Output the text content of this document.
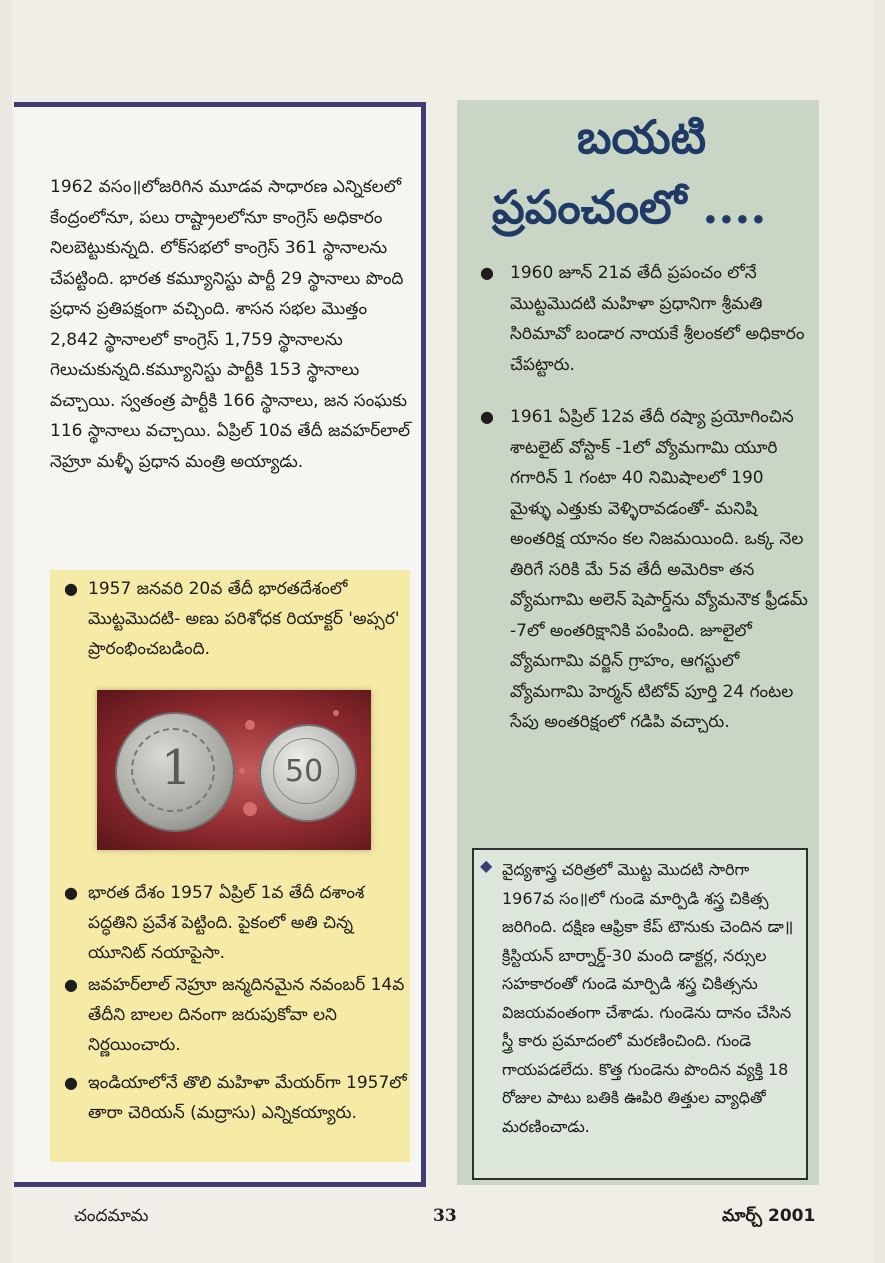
1962 వసం॥లోజరిగిన మూడవ సాధారణ ఎన్నికలలో కేంద్రంలోనూ, పలు రాష్ట్రాలలోనూ కాంగ్రెస్ అధికారం నిలబెట్టుకున్నది. లోక్‌సభలో కాంగ్రెస్ 361 స్థానాలను చేపట్టింది. భారత కమ్యూనిస్టు పార్టీ 29 స్థానాలు పొంది ప్రధాన ప్రతిపక్షంగా వచ్చింది. శాసన సభల మొత్తం 2,842 స్థానాలలో కాంగ్రెస్ 1,759 స్థానాలను గెలుచుకున్నది.కమ్యూనిస్టు పార్టీకి 153 స్థానాలు వచ్చాయి. స్వతంత్ర పార్టీకి 166 స్థానాలు, జన సంఘకు 116 స్థానాలు వచ్చాయి. ఏప్రిల్ 10వ తేదీ జవహర్‌లాల్ నెహ్రూ మళ్ళీ ప్రధాన మంత్రి అయ్యాడు.

● 1957 జనవరి 20వ తేదీ భారతదేశంలో మొట్టమొదటి- అణు పరిశోధక రియాక్టర్ 'అప్సర' ప్రారంభించబడింది.

1	50

● భారత దేశం 1957 ఏప్రిల్ 1వ తేదీ దశాంశ పద్ధతిని ప్రవేశ పెట్టింది. పైకంలో అతి చిన్న యూనిట్ నయాపైసా.

● జవహర్‌లాల్ నెహ్రూ జన్మదినమైన నవంబర్ 14వ తేదీని బాలల దినంగా జరుపుకోవా లని నిర్ణయించారు.

● ఇండియాలోనే తొలి మహిళా మేయర్‌గా 1957లో తారా చెరియన్ (మద్రాసు) ఎన్నికయ్యారు.

బయటి
ప్రపంచంలో ....

● 1960 జూన్ 21వ తేదీ ప్రపంచం లోనే మొట్టమొదటి మహిళా ప్రధానిగా శ్రీమతి సిరిమావో బండార నాయకే శ్రీలంకలో అధికారం చేపట్టారు.

● 1961 ఏప్రిల్ 12వ తేదీ రష్యా ప్రయోగించిన శాటలైట్ వోస్టాక్ -1లో వ్యోమగామి యూరి గగారిన్ 1 గంటా 40 నిమిషాలలో 190 మైళ్ళు ఎత్తుకు వెళ్ళిరావడంతో- మనిషి అంతరిక్ష యానం కల నిజమయింది. ఒక్క నెల తిరిగే సరికి మే 5వ తేదీ అమెరికా తన వ్యోమగామి అలెన్ షెపార్డ్‌ను వ్యోమనౌక ఫ్రీడమ్ -7లో అంతరిక్షానికి పంపింది. జూలైలో వ్యోమగామి వర్జిన్ గ్రాహం, ఆగస్టులో వ్యోమగామి హెర్మన్ టిటోవ్ పూర్తి 24 గంటల సేపు అంతరిక్షంలో గడిపి వచ్చారు.

◆ వైద్యశాస్త్ర చరిత్రలో మొట్ట మొదటి సారిగా 1967వ సం॥లో గుండె మార్పిడి శస్త్ర చికిత్స జరిగింది. దక్షిణ ఆఫ్రికా కేప్ టౌనుకు చెందిన డా॥క్రిస్టియన్ బార్నార్డ్-30 మంది డాక్టర్ల, నర్సుల సహకారంతో గుండె మార్పిడి శస్త్ర చికిత్సను విజయవంతంగా చేశాడు. గుండెను దానం చేసిన స్త్రీ కారు ప్రమాదంలో మరణించింది. గుండె గాయపడలేదు. కొత్త గుండెను పొందిన వ్యక్తి 18 రోజుల పాటు బతికి ఊపిరి తిత్తుల వ్యాధితో మరణించాడు.

చందమామ	33	మార్చ్ 2001
